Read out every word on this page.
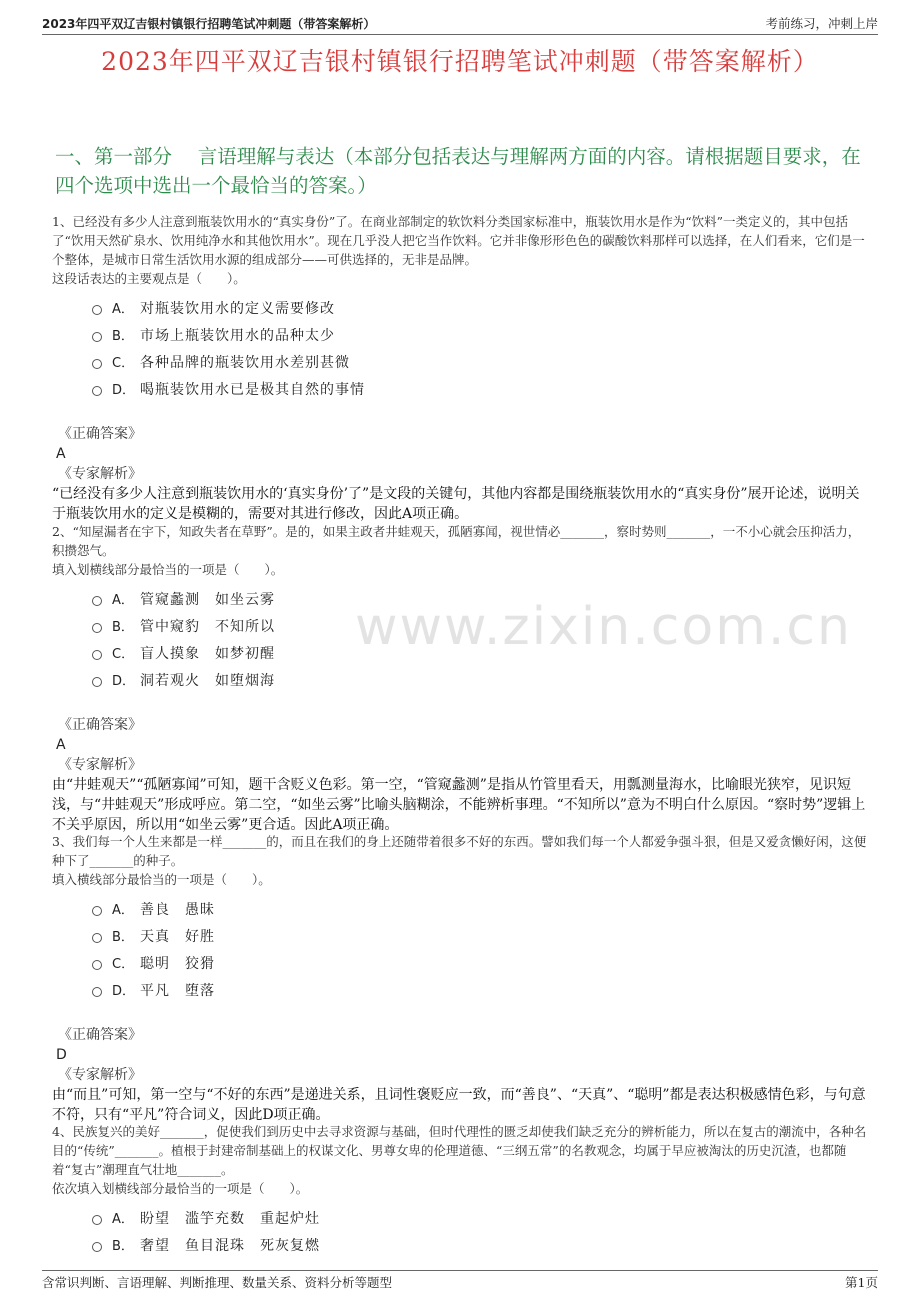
2023年四平双辽吉银村镇银行招聘笔试冲刺题（带答案解析）	考前练习，冲刺上岸
2023年四平双辽吉银村镇银行招聘笔试冲刺题（带答案解析）
一、第一部分　 言语理解与表达（本部分包括表达与理解两方面的内容。请根据题目要求，在四个选项中选出一个最恰当的答案。）
www.zixin.com.cn
1、已经没有多少人注意到瓶装饮用水的“真实身份”了。在商业部制定的软饮料分类国家标准中，瓶装饮用水是作为“饮料”一类定义的，其中包括了“饮用天然矿泉水、饮用纯净水和其他饮用水”。现在几乎没人把它当作饮料。它并非像形形色色的碳酸饮料那样可以选择，在人们看来，它们是一个整体，是城市日常生活饮用水源的组成部分——可供选择的，无非是品牌。
这段话表达的主要观点是（　　）。
A． 对瓶装饮用水的定义需要修改
B． 市场上瓶装饮用水的品种太少
C． 各种品牌的瓶装饮用水差别甚微
D． 喝瓶装饮用水已是极其自然的事情
《正确答案》
A
《专家解析》
“已经没有多少人注意到瓶装饮用水的‘真实身份’了”是文段的关键句，其他内容都是围绕瓶装饮用水的“真实身份”展开论述，说明关于瓶装饮用水的定义是模糊的，需要对其进行修改，因此A项正确。
2、“知屋漏者在宇下，知政失者在草野”。是的，如果主政者井蛙观天，孤陋寡闻，视世情必_______，察时势则_______，一不小心就会压抑活力，积攒怨气。
填入划横线部分最恰当的一项是（　　）。
A． 管窥蠡测　如坐云雾
B． 管中窥豹　不知所以
C． 盲人摸象　如梦初醒
D． 洞若观火　如堕烟海
《正确答案》
A
《专家解析》
由“井蛙观天”“孤陋寡闻”可知，题干含贬义色彩。第一空，“管窥蠡测”是指从竹管里看天，用瓢测量海水，比喻眼光狭窄，见识短浅，与“井蛙观天”形成呼应。第二空，“如坐云雾”比喻头脑糊涂，不能辨析事理。“不知所以”意为不明白什么原因。“察时势”逻辑上不关乎原因，所以用“如坐云雾”更合适。因此A项正确。
3、我们每一个人生来都是一样_______的，而且在我们的身上还随带着很多不好的东西。譬如我们每一个人都爱争强斗狠，但是又爱贪懒好闲，这便种下了_______的种子。
填入横线部分最恰当的一项是（　　）。
A． 善良　愚昧
B． 天真　好胜
C． 聪明　狡猾
D． 平凡　堕落
《正确答案》
D
《专家解析》
由“而且”可知，第一空与“不好的东西”是递进关系，且词性褒贬应一致，而“善良”、“天真”、“聪明”都是表达积极感情色彩，与句意不符，只有“平凡”符合词义，因此D项正确。
4、民族复兴的美好_______，促使我们到历史中去寻求资源与基础，但时代理性的匮乏却使我们缺乏充分的辨析能力，所以在复古的潮流中，各种名目的“传统”_______。植根于封建帝制基础上的权谋文化、男尊女卑的伦理道德、“三纲五常”的名教观念，均属于早应被淘汰的历史沉渣，也都随着“复古”潮理直气壮地_______。
依次填入划横线部分最恰当的一项是（　　）。
A． 盼望　滥竽充数　重起炉灶
B． 奢望　鱼目混珠　死灰复燃
含常识判断、言语理解、判断推理、数量关系、资料分析等题型	第1页
